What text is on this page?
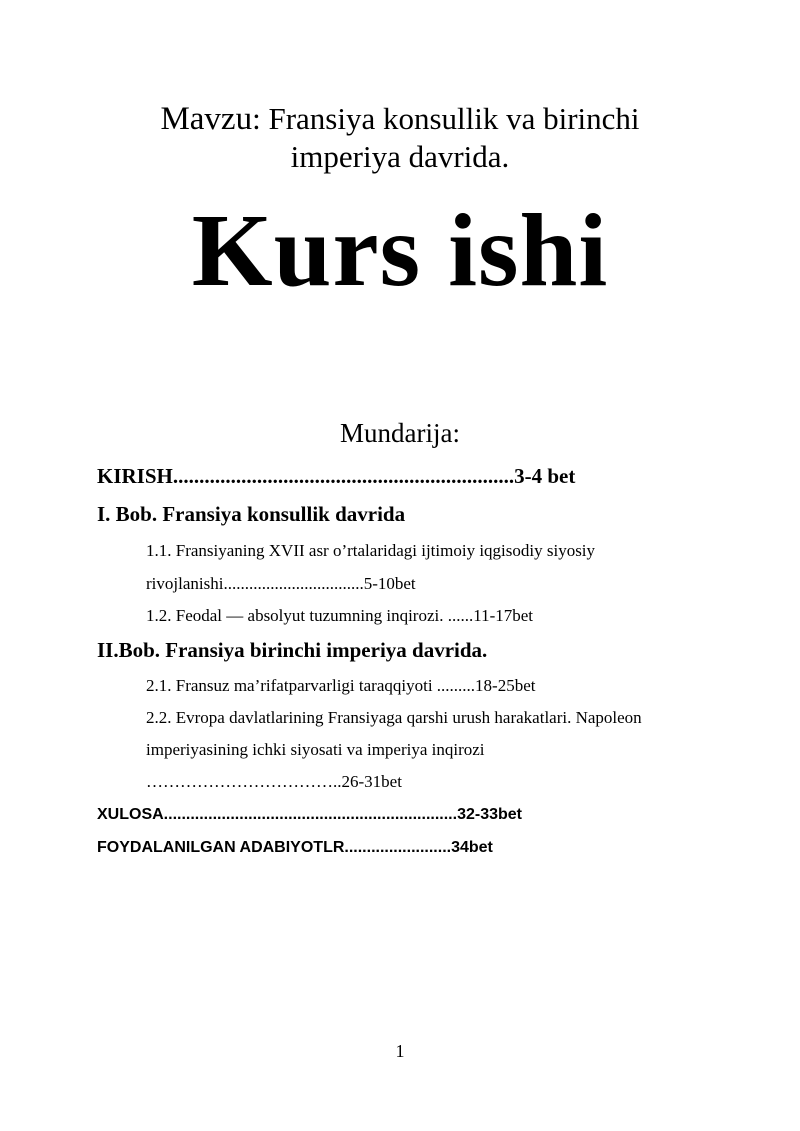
Mavzu: Fransiya konsullik va birinchi
imperiya davrida.
Kurs ishi
Mundarija:
KIRISH.................................................................3-4 bet
I. Bob. Fransiya konsullik davrida
1.1. Fransiyaning XVII asr o’rtalaridagi ijtimoiy iqgisodiy siyosiy
rivojlanishi.................................5-10bet
1.2. Feodal — absolyut tuzumning inqirozi. ......11-17bet
II.Bob. Fransiya birinchi imperiya davrida.
2.1. Fransuz ma’rifatparvarligi taraqqiyoti .........18-25bet
2.2. Evropa davlatlarining Fransiyaga qarshi urush harakatlari. Napoleon
imperiyasining ichki siyosati va imperiya inqirozi
……………………………..26-31bet
XULOSA..................................................................32-33bet
FOYDALANILGAN ADABIYOTLR........................34bet
1
